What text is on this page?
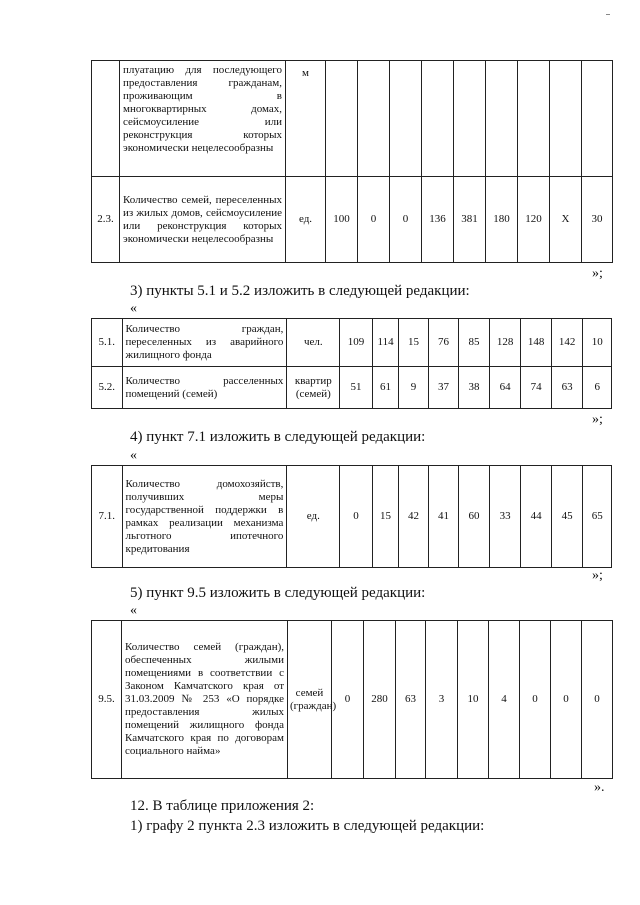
	плуатацию для последующего предоставления гражданам, проживающим в многоквартирных домах, сейсмоусиление или реконструкция которых экономически нецелесообразны	м									
2.3.	Количество семей, переселенных из жилых домов, сейсмоусиление или реконструкция которых экономически нецелесообразны	ед.	100	0	0	136	381	180	120	Х	30
»;
3) пункты 5.1 и 5.2 изложить в следующей редакции:
«
5.1.	Количество граждан, переселенных из аварийного жилищного фонда	чел.	109	114	15	76	85	128	148	142	10
5.2.	Количество расселенных помещений (семей)	квартир (семей)	51	61	9	37	38	64	74	63	6
»;
4) пункт 7.1 изложить в следующей редакции:
«
7.1.	Количество домохозяйств, получивших меры государственной поддержки в рамках реализации механизма льготного ипотечного кредитования	ед.	0	15	42	41	60	33	44	45	65
»;
5) пункт 9.5 изложить в следующей редакции:
«
9.5.	Количество семей (граждан), обеспеченных жилыми помещениями в соответствии с Законом Камчатского края от 31.03.2009 № 253 «О порядке предоставления жилых помещений жилищного фонда Камчатского края по договорам социального найма»	семей (граждан)	0	280	63	3	10	4	0	0	0
».
12. В таблице приложения 2:
1) графу 2 пункта 2.3 изложить в следующей редакции:
